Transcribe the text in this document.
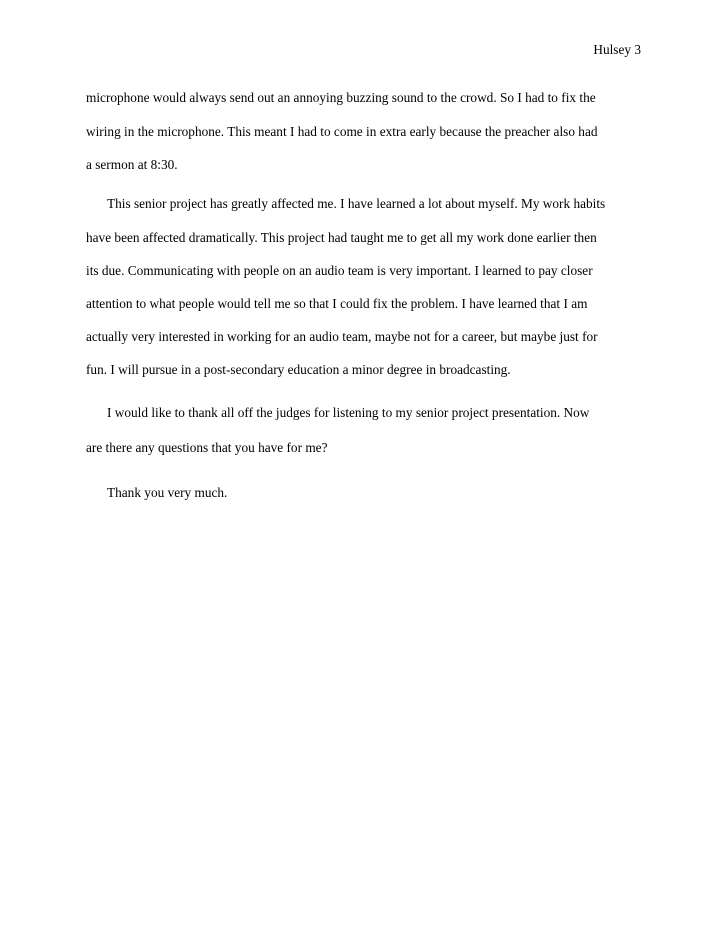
Hulsey 3
microphone would always send out an annoying buzzing sound to the crowd. So I had to fix the
wiring in the microphone. This meant I had to come in extra early because the preacher also had
a sermon at 8:30.
This senior project has greatly affected me. I have learned a lot about myself. My work habits
have been affected dramatically. This project had taught me to get all my work done earlier then
its due. Communicating with people on an audio team is very important. I learned to pay closer
attention to what people would tell me so that I could fix the problem. I have learned that I am
actually very interested in working for an audio team, maybe not for a career, but maybe just for
fun. I will pursue in a post-secondary education a minor degree in broadcasting.
I would like to thank all off the judges for listening to my senior project presentation. Now
are there any questions that you have for me?
Thank you very much.
